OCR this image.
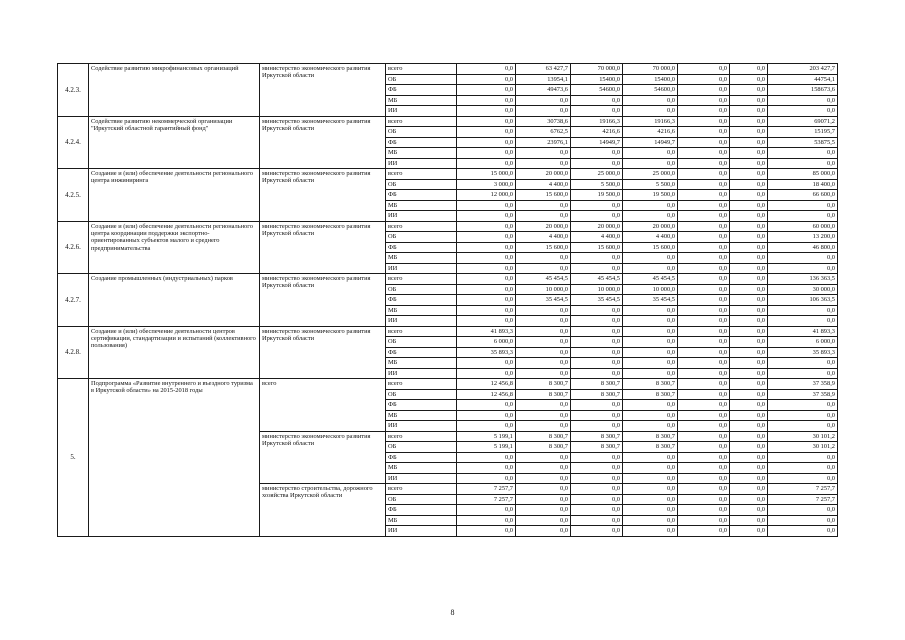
4.2.3.	Содействие развитию микрофинансовых организаций	министерство экономического развития Иркутской области	всего	0,0	63 427,7	70 000,0	70 000,0	0,0	0,0	203 427,7
			ОБ	0,0	13954,1	15400,0	15400,0	0,0	0,0	44754,1
			ФБ	0,0	49473,6	54600,0	54600,0	0,0	0,0	158673,6
			МБ	0,0	0,0	0,0	0,0	0,0	0,0	0,0
			ИИ	0,0	0,0	0,0	0,0	0,0	0,0	0,0
4.2.4.	Содействие развитию некоммерческой организации "Иркутский областной гарантийный фонд"	министерство экономического развития Иркутской области	всего	0,0	30738,6	19166,3	19166,3	0,0	0,0	69071,2
			ОБ	0,0	6762,5	4216,6	4216,6	0,0	0,0	15195,7
			ФБ	0,0	23976,1	14949,7	14949,7	0,0	0,0	53875,5
			МБ	0,0	0,0	0,0	0,0	0,0	0,0	0,0
			ИИ	0,0	0,0	0,0	0,0	0,0	0,0	0,0
4.2.5.	Создание и (или) обеспечение деятельности регионального центра инжиниринга	министерство экономического развития Иркутской области	всего	15 000,0	20 000,0	25 000,0	25 000,0	0,0	0,0	85 000,0
			ОБ	3 000,0	4 400,0	5 500,0	5 500,0	0,0	0,0	18 400,0
			ФБ	12 000,0	15 600,0	19 500,0	19 500,0	0,0	0,0	66 600,0
			МБ	0,0	0,0	0,0	0,0	0,0	0,0	0,0
			ИИ	0,0	0,0	0,0	0,0	0,0	0,0	0,0
4.2.6.	Создание и (или) обеспечение деятельности регионального центра координации поддержки экспортно-ориентированных субъектов малого и среднего предпринимательства	министерство экономического развития Иркутской области	всего	0,0	20 000,0	20 000,0	20 000,0	0,0	0,0	60 000,0
			ОБ	0,0	4 400,0	4 400,0	4 400,0	0,0	0,0	13 200,0
			ФБ	0,0	15 600,0	15 600,0	15 600,0	0,0	0,0	46 800,0
			МБ	0,0	0,0	0,0	0,0	0,0	0,0	0,0
			ИИ	0,0	0,0	0,0	0,0	0,0	0,0	0,0
4.2.7.	Создание промышленных (индустриальных) парков	министерство экономического развития Иркутской области	всего	0,0	45 454,5	45 454,5	45 454,5	0,0	0,0	136 363,5
			ОБ	0,0	10 000,0	10 000,0	10 000,0	0,0	0,0	30 000,0
			ФБ	0,0	35 454,5	35 454,5	35 454,5	0,0	0,0	106 363,5
			МБ	0,0	0,0	0,0	0,0	0,0	0,0	0,0
			ИИ	0,0	0,0	0,0	0,0	0,0	0,0	0,0
4.2.8.	Создание и (или) обеспечение деятельности центров сертификации, стандартизации и испытаний (коллективного пользования)	министерство экономического развития Иркутской области	всего	41 893,3	0,0	0,0	0,0	0,0	0,0	41 893,3
			ОБ	6 000,0	0,0	0,0	0,0	0,0	0,0	6 000,0
			ФБ	35 893,3	0,0	0,0	0,0	0,0	0,0	35 893,3
			МБ	0,0	0,0	0,0	0,0	0,0	0,0	0,0
			ИИ	0,0	0,0	0,0	0,0	0,0	0,0	0,0
5.	Подпрограмма «Развитие внутреннего и въездного туризма в Иркутской области» на 2015-2018 годы	всего	всего	12 456,8	8 300,7	8 300,7	8 300,7	0,0	0,0	37 358,9
			ОБ	12 456,8	8 300,7	8 300,7	8 300,7	0,0	0,0	37 358,9
			ФБ	0,0	0,0	0,0	0,0	0,0	0,0	0,0
			МБ	0,0	0,0	0,0	0,0	0,0	0,0	0,0
			ИИ	0,0	0,0	0,0	0,0	0,0	0,0	0,0
		министерство экономического развития Иркутской области	всего	5 199,1	8 300,7	8 300,7	8 300,7	0,0	0,0	30 101,2
			ОБ	5 199,1	8 300,7	8 300,7	8 300,7	0,0	0,0	30 101,2
			ФБ	0,0	0,0	0,0	0,0	0,0	0,0	0,0
			МБ	0,0	0,0	0,0	0,0	0,0	0,0	0,0
			ИИ	0,0	0,0	0,0	0,0	0,0	0,0	0,0
		министерство строительства, дорожного хозяйства Иркутской области	всего	7 257,7	0,0	0,0	0,0	0,0	0,0	7 257,7
			ОБ	7 257,7	0,0	0,0	0,0	0,0	0,0	7 257,7
			ФБ	0,0	0,0	0,0	0,0	0,0	0,0	0,0
			МБ	0,0	0,0	0,0	0,0	0,0	0,0	0,0
			ИИ	0,0	0,0	0,0	0,0	0,0	0,0	0,0
8
